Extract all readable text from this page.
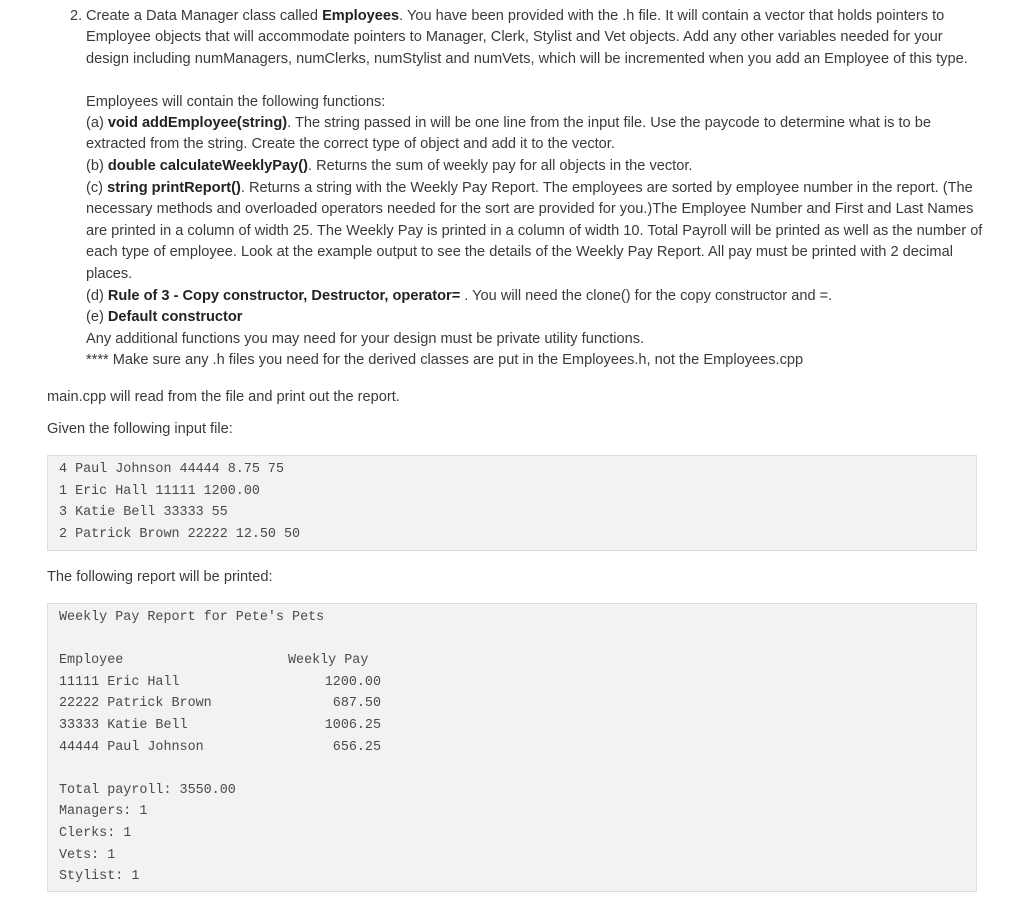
2. Create a Data Manager class called Employees. You have been provided with the .h file. It will contain a vector that holds pointers to Employee objects that will accommodate pointers to Manager, Clerk, Stylist and Vet objects. Add any other variables needed for your design including numManagers, numClerks, numStylist and numVets, which will be incremented when you add an Employee of this type.
Employees will contain the following functions:
(a) void addEmployee(string). The string passed in will be one line from the input file. Use the paycode to determine what is to be extracted from the string. Create the correct type of object and add it to the vector.
(b) double calculateWeeklyPay(). Returns the sum of weekly pay for all objects in the vector.
(c) string printReport(). Returns a string with the Weekly Pay Report. The employees are sorted by employee number in the report. (The necessary methods and overloaded operators needed for the sort are provided for you.)The Employee Number and First and Last Names are printed in a column of width 25. The Weekly Pay is printed in a column of width 10. Total Payroll will be printed as well as the number of each type of employee. Look at the example output to see the details of the Weekly Pay Report. All pay must be printed with 2 decimal places.
(d) Rule of 3 - Copy constructor, Destructor, operator= . You will need the clone() for the copy constructor and =.
(e) Default constructor
Any additional functions you may need for your design must be private utility functions.
**** Make sure any .h files you need for the derived classes are put in the Employees.h, not the Employees.cpp
main.cpp will read from the file and print out the report.
Given the following input file:
4 Paul Johnson 44444 8.75 75
1 Eric Hall 11111 1200.00
3 Katie Bell 33333 55
2 Patrick Brown 22222 12.50 50
The following report will be printed:
Weekly Pay Report for Pete's Pets
Employee	Weekly Pay
11111 Eric Hall	1200.00
22222 Patrick Brown	687.50
33333 Katie Bell	1006.25
44444 Paul Johnson	656.25
Total payroll: 3550.00
Managers: 1
Clerks: 1
Vets: 1
Stylist: 1
